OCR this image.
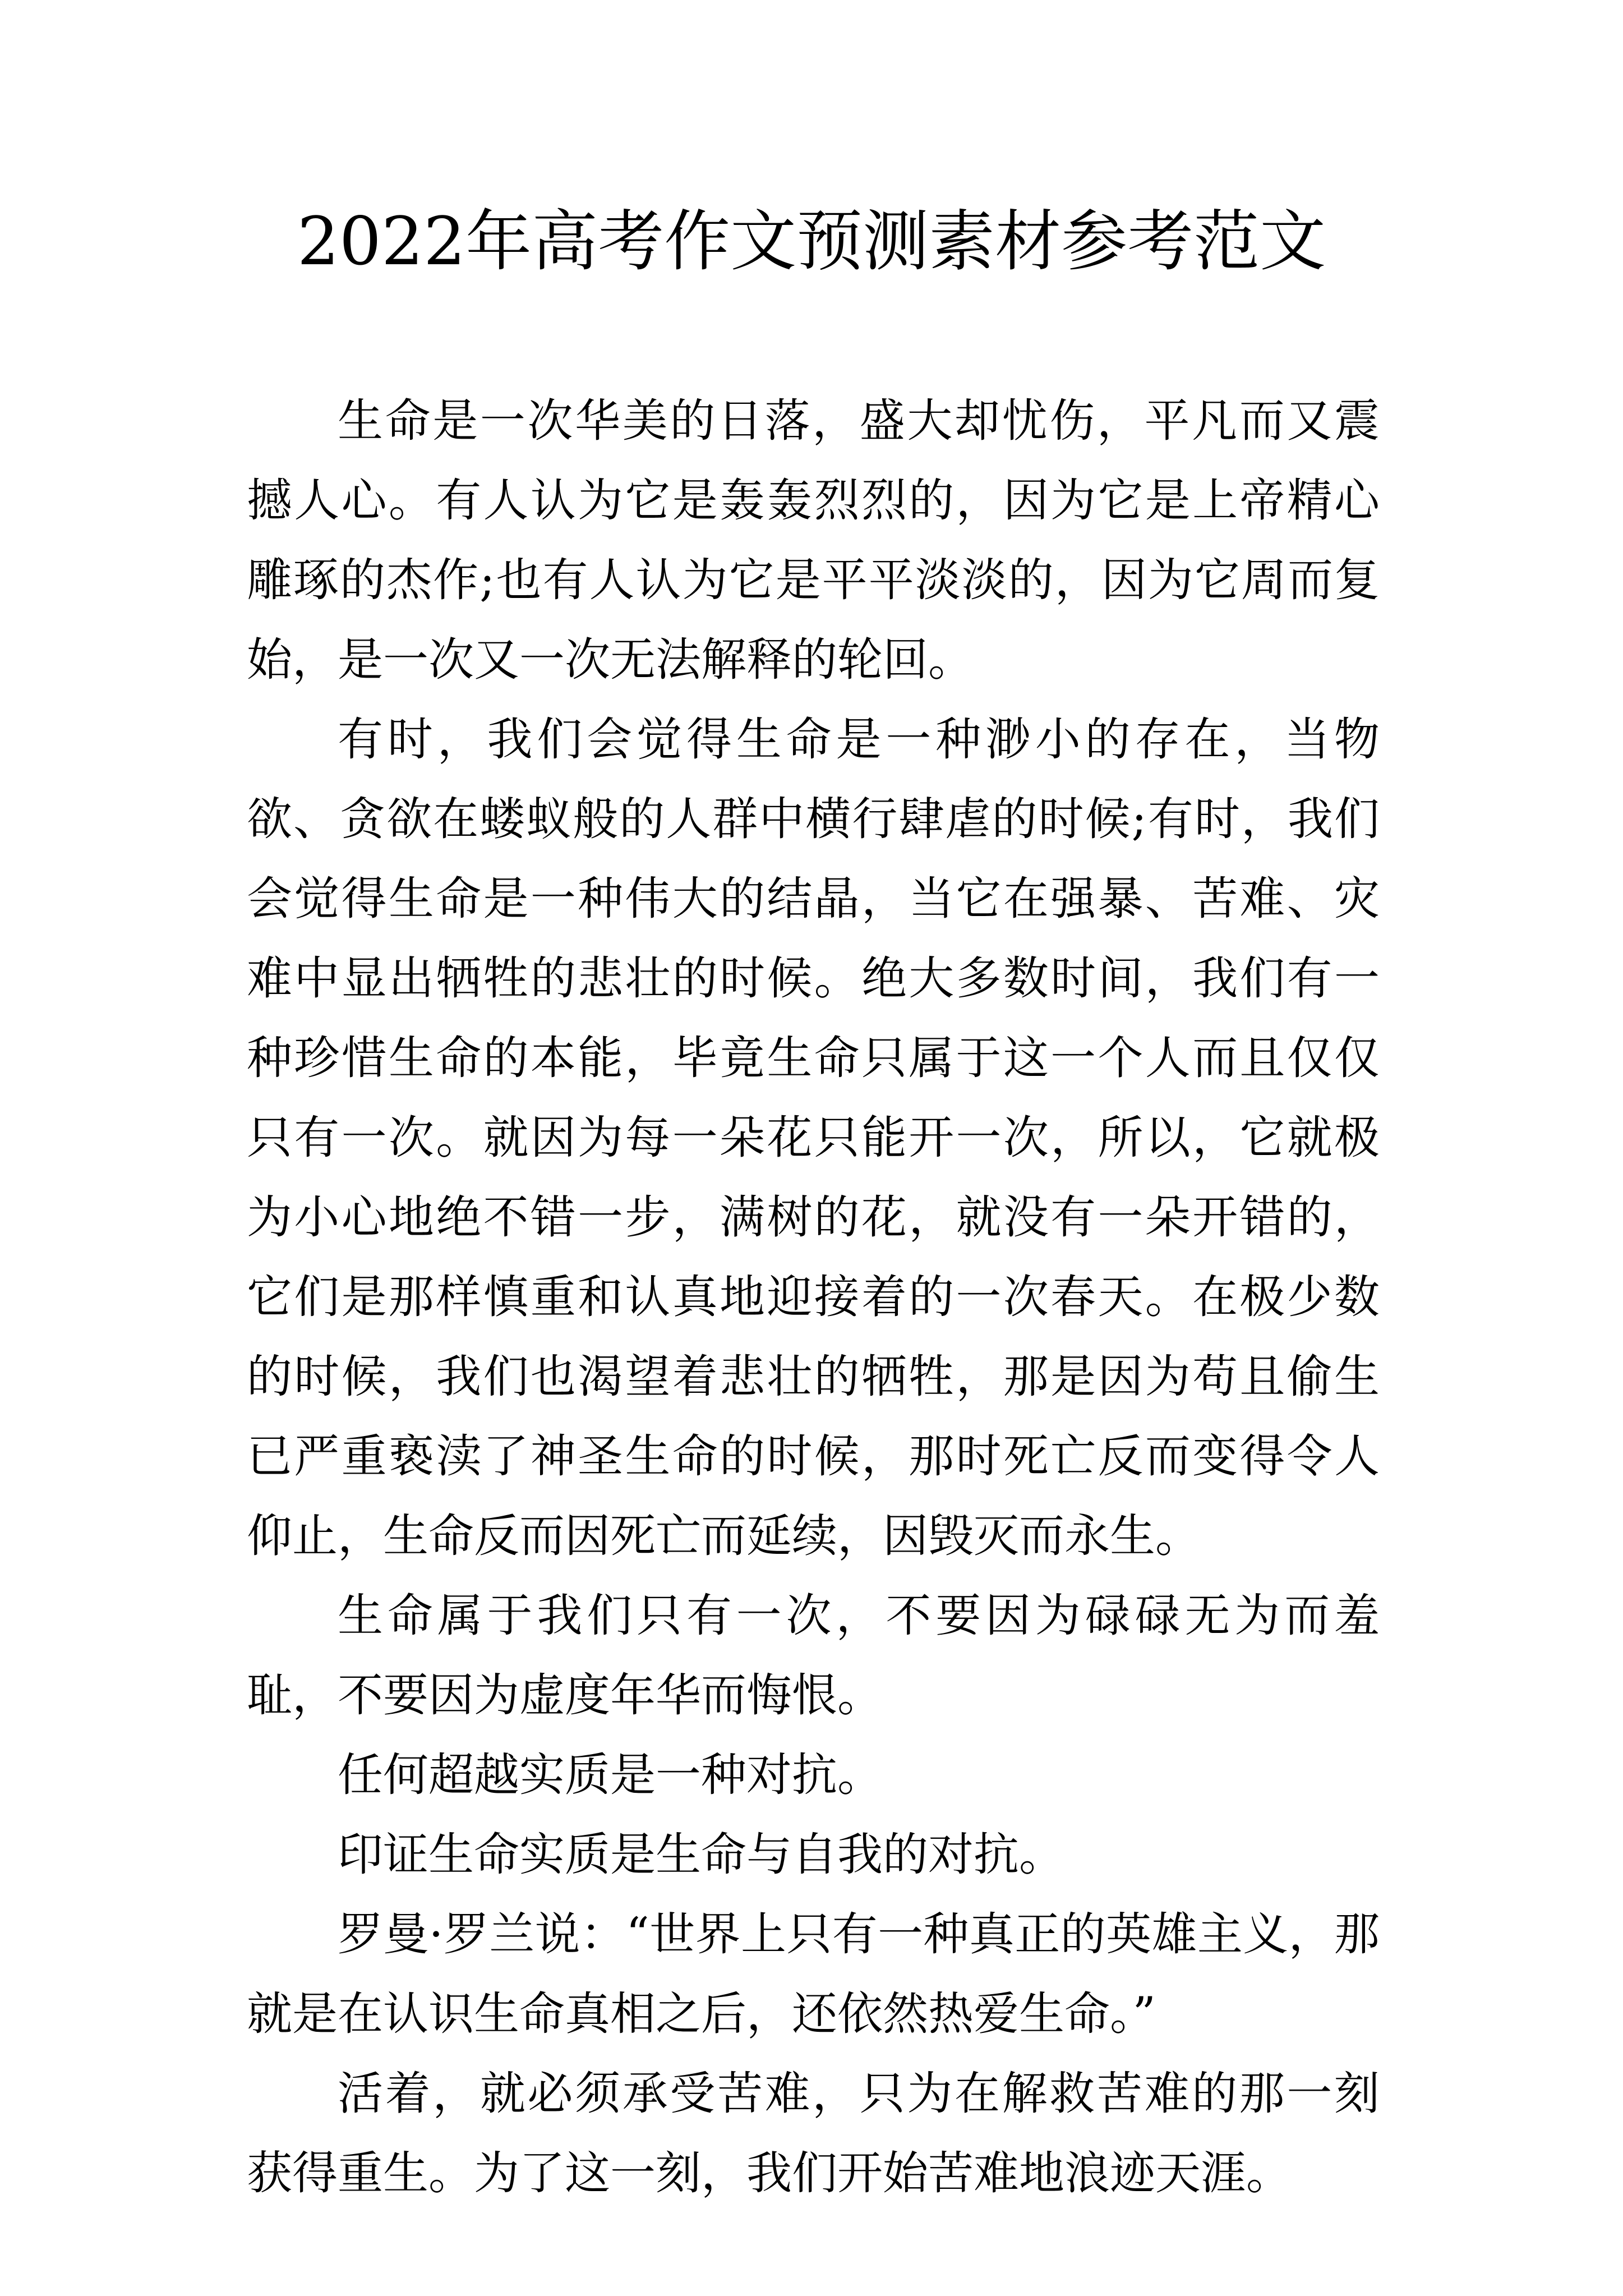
2022年高考作文预测素材参考范文

生命是一次华美的日落，盛大却忧伤，平凡而又震撼人心。有人认为它是轰轰烈烈的，因为它是上帝精心雕琢的杰作;也有人认为它是平平淡淡的，因为它周而复始，是一次又一次无法解释的轮回。

有时，我们会觉得生命是一种渺小的存在，当物欲、贪欲在蝼蚁般的人群中横行肆虐的时候;有时，我们会觉得生命是一种伟大的结晶，当它在强暴、苦难、灾难中显出牺牲的悲壮的时候。绝大多数时间，我们有一种珍惜生命的本能，毕竟生命只属于这一个人而且仅仅只有一次。就因为每一朵花只能开一次，所以，它就极为小心地绝不错一步，满树的花，就没有一朵开错的，它们是那样慎重和认真地迎接着的一次春天。在极少数的时候，我们也渴望着悲壮的牺牲，那是因为苟且偷生已严重亵渎了神圣生命的时候，那时死亡反而变得令人仰止，生命反而因死亡而延续，因毁灭而永生。

生命属于我们只有一次，不要因为碌碌无为而羞耻，不要因为虚度年华而悔恨。

任何超越实质是一种对抗。

印证生命实质是生命与自我的对抗。

罗曼·罗兰说：“世界上只有一种真正的英雄主义，那就是在认识生命真相之后，还依然热爱生命。”

活着，就必须承受苦难，只为在解救苦难的那一刻获得重生。为了这一刻，我们开始苦难地浪迹天涯。
